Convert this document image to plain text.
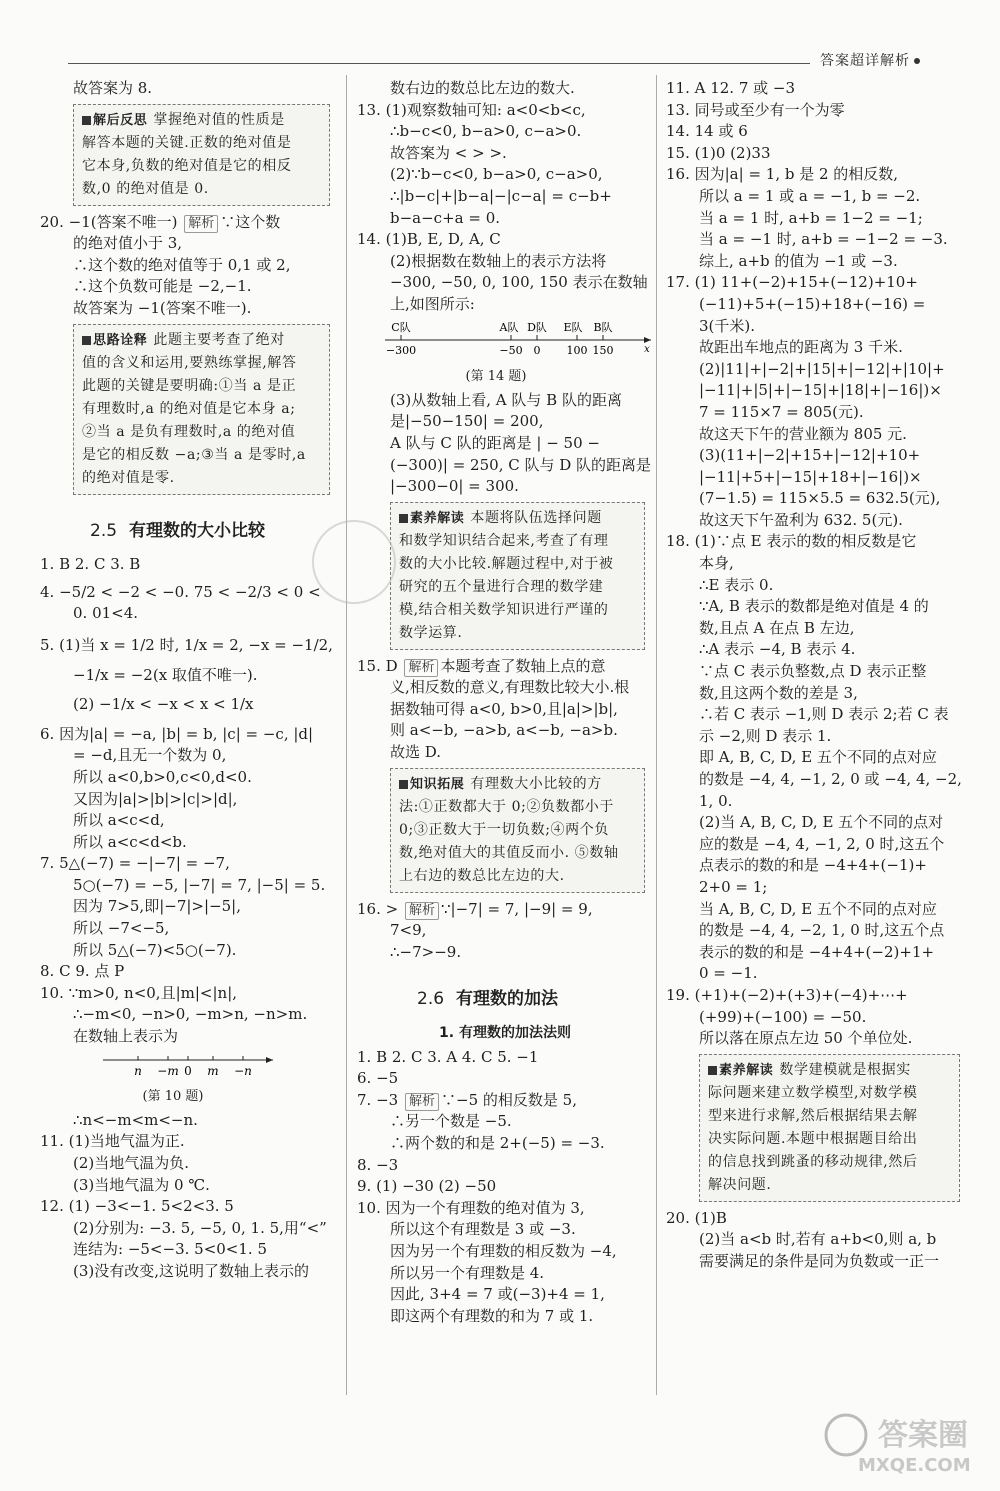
答案超详解析
故答案为 8.
解后反思 掌握绝对值的性质是
解答本题的关键.正数的绝对值是
它本身,负数的绝对值是它的相反
数,0 的绝对值是 0.
20. −1(答案不唯一) 解析 ∵这个数
的绝对值小于 3,
∴这个数的绝对值等于 0,1 或 2,
∴这个负数可能是 −2,−1.
故答案为 −1(答案不唯一).
思路诠释 此题主要考查了绝对
值的含义和运用,要熟练掌握,解答
此题的关键是要明确:①当 a 是正
有理数时,a 的绝对值是它本身 a;
②当 a 是负有理数时,a 的绝对值
是它的相反数 −a;③当 a 是零时,a
的绝对值是零.
2.5 有理数的大小比较
1. B 2. C 3. B
4. −5/2 < −2 < −0. 75 < −2/3 < 0 <
0. 01<4.
5. (1)当 x = 1/2 时, 1/x = 2, −x = −1/2,
−1/x = −2(x 取值不唯一).
(2) −1/x < −x < x < 1/x
6. 因为|a| = −a, |b| = b, |c| = −c, |d|
= −d,且无一个数为 0,
所以 a<0,b>0,c<0,d<0.
又因为|a|>|b|>|c|>|d|,
所以 a<c<d,
所以 a<c<d<b.
7. 5△(−7) = −|−7| = −7,
5○(−7) = −5, |−7| = 7, |−5| = 5.
因为 7>5,即|−7|>|−5|,
所以 −7<−5,
所以 5△(−7)<5○(−7).
8. C 9. 点 P
10. ∵m>0, n<0,且|m|<|n|,
∴−m<0, −n>0, −m>n, −n>m.
在数轴上表示为
n −m 0 m −n
(第 10 题)
∴n<−m<m<−n.
11. (1)当地气温为正.
(2)当地气温为负.
(3)当地气温为 0 ℃.
12. (1) −3<−1. 5<2<3. 5
(2)分别为: −3. 5, −5, 0, 1. 5,用“<”
连结为: −5<−3. 5<0<1. 5
(3)没有改变,这说明了数轴上表示的
数右边的数总比左边的数大.
13. (1)观察数轴可知: a<0<b<c,
∴b−c<0, b−a>0, c−a>0.
故答案为 < > >.
(2)∵b−c<0, b−a>0, c−a>0,
∴|b−c|+|b−a|−|c−a| = c−b+
b−a−c+a = 0.
14. (1)B, E, D, A, C
(2)根据数在数轴上的表示方法将
−300, −50, 0, 100, 150 表示在数轴
上,如图所示:
C队	A队 D队 E队 B队
−300	−50 0 100 150	x
(第 14 题)
(3)从数轴上看, A 队与 B 队的距离
是|−50−150| = 200,
A 队与 C 队的距离是 | − 50 −
(−300)| = 250, C 队与 D 队的距离是
|−300−0| = 300.
素养解读 本题将队伍选择问题
和数学知识结合起来,考查了有理
数的大小比较.解题过程中,对于被
研究的五个量进行合理的数学建
模,结合相关数学知识进行严谨的
数学运算.
15. D 解析 本题考查了数轴上点的意
义,相反数的意义,有理数比较大小.根
据数轴可得 a<0, b>0,且|a|>|b|,
则 a<−b, −a>b, a<−b, −a>b.
故选 D.
知识拓展 有理数大小比较的方
法:①正数都大于 0;②负数都小于
0;③正数大于一切负数;④两个负
数,绝对值大的其值反而小. ⑤数轴
上右边的数总比左边的大.
16. > 解析 ∵|−7| = 7, |−9| = 9,
7<9,
∴−7>−9.
2.6 有理数的加法
1. 有理数的加法法则
1. B 2. C 3. A 4. C 5. −1
6. −5
7. −3 解析 ∵−5 的相反数是 5,
∴另一个数是 −5.
∴两个数的和是 2+(−5) = −3.
8. −3
9. (1) −30 (2) −50
10. 因为一个有理数的绝对值为 3,
所以这个有理数是 3 或 −3.
因为另一个有理数的相反数为 −4,
所以另一个有理数是 4.
因此, 3+4 = 7 或(−3)+4 = 1,
即这两个有理数的和为 7 或 1.
11. A 12. 7 或 −3
13. 同号或至少有一个为零
14. 14 或 6
15. (1)0 (2)33
16. 因为|a| = 1, b 是 2 的相反数,
所以 a = 1 或 a = −1, b = −2.
当 a = 1 时, a+b = 1−2 = −1;
当 a = −1 时, a+b = −1−2 = −3.
综上, a+b 的值为 −1 或 −3.
17. (1) 11+(−2)+15+(−12)+10+
(−11)+5+(−15)+18+(−16) =
3(千米).
故距出车地点的距离为 3 千米.
(2)|11|+|−2|+|15|+|−12|+|10|+
|−11|+|5|+|−15|+|18|+|−16|)×
7 = 115×7 = 805(元).
故这天下午的营业额为 805 元.
(3)(11+|−2|+15+|−12|+10+
|−11|+5+|−15|+18+|−16|)×
(7−1.5) = 115×5.5 = 632.5(元),
故这天下午盈利为 632. 5(元).
18. (1)∵点 E 表示的数的相反数是它
本身,
∴E 表示 0.
∵A, B 表示的数都是绝对值是 4 的
数,且点 A 在点 B 左边,
∴A 表示 −4, B 表示 4.
∵点 C 表示负整数,点 D 表示正整
数,且这两个数的差是 3,
∴若 C 表示 −1,则 D 表示 2;若 C 表
示 −2,则 D 表示 1.
即 A, B, C, D, E 五个不同的点对应
的数是 −4, 4, −1, 2, 0 或 −4, 4, −2,
1, 0.
(2)当 A, B, C, D, E 五个不同的点对
应的数是 −4, 4, −1, 2, 0 时,这五个
点表示的数的和是 −4+4+(−1)+
2+0 = 1;
当 A, B, C, D, E 五个不同的点对应
的数是 −4, 4, −2, 1, 0 时,这五个点
表示的数的和是 −4+4+(−2)+1+
0 = −1.
19. (+1)+(−2)+(+3)+(−4)+⋯+
(+99)+(−100) = −50.
所以落在原点左边 50 个单位处.
素养解读 数学建模就是根据实
际问题来建立数学模型,对数学模
型来进行求解,然后根据结果去解
决实际问题.本题中根据题目给出
的信息找到跳蚤的移动规律,然后
解决问题.
20. (1)B
(2)当 a<b 时,若有 a+b<0,则 a, b
需要满足的条件是同为负数或一正一
答案圈
MXQE.COM
